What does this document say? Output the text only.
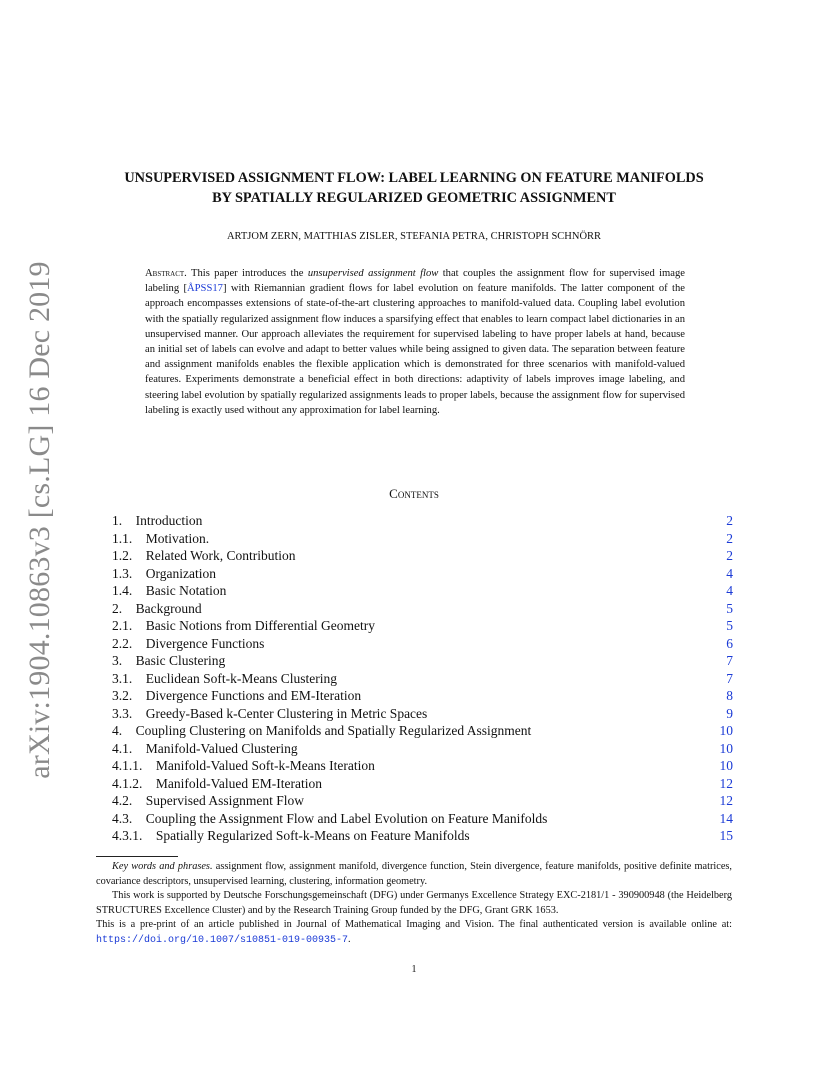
arXiv:1904.10863v3 [cs.LG] 16 Dec 2019
UNSUPERVISED ASSIGNMENT FLOW: LABEL LEARNING ON FEATURE MANIFOLDS
BY SPATIALLY REGULARIZED GEOMETRIC ASSIGNMENT
ARTJOM ZERN, MATTHIAS ZISLER, STEFANIA PETRA, CHRISTOPH SCHNÖRR
Abstract. This paper introduces the unsupervised assignment flow that couples the assignment flow for supervised image labeling [ÅPSS17] with Riemannian gradient flows for label evolution on feature manifolds. The latter component of the approach encompasses extensions of state-of-the-art clustering approaches to manifold-valued data. Coupling label evolution with the spatially regularized assignment flow induces a sparsifying effect that enables to learn compact label dictionaries in an unsupervised manner. Our approach alleviates the requirement for supervised labeling to have proper labels at hand, because an initial set of labels can evolve and adapt to better values while being assigned to given data. The separation between feature and assignment manifolds enables the flexible application which is demonstrated for three scenarios with manifold-valued features. Experiments demonstrate a beneficial effect in both directions: adaptivity of labels improves image labeling, and steering label evolution by spatially regularized assignments leads to proper labels, because the assignment flow for supervised labeling is exactly used without any approximation for label learning.
Contents
1.   Introduction	2
1.1.   Motivation.	2
1.2.   Related Work, Contribution	2
1.3.   Organization	4
1.4.   Basic Notation	4
2.   Background	5
2.1.   Basic Notions from Differential Geometry	5
2.2.   Divergence Functions	6
3.   Basic Clustering	7
3.1.   Euclidean Soft-k-Means Clustering	7
3.2.   Divergence Functions and EM-Iteration	8
3.3.   Greedy-Based k-Center Clustering in Metric Spaces	9
4.   Coupling Clustering on Manifolds and Spatially Regularized Assignment	10
4.1.   Manifold-Valued Clustering	10
4.1.1.   Manifold-Valued Soft-k-Means Iteration	10
4.1.2.   Manifold-Valued EM-Iteration	12
4.2.   Supervised Assignment Flow	12
4.3.   Coupling the Assignment Flow and Label Evolution on Feature Manifolds	14
4.3.1.   Spatially Regularized Soft-k-Means on Feature Manifolds	15

Key words and phrases. assignment flow, assignment manifold, divergence function, Stein divergence, feature manifolds, positive definite matrices, covariance descriptors, unsupervised learning, clustering, information geometry.

This work is supported by Deutsche Forschungsgemeinschaft (DFG) under Germanys Excellence Strategy EXC-2181/1 - 390900948 (the Heidelberg STRUCTURES Excellence Cluster) and by the Research Training Group funded by the DFG, Grant GRK 1653.

This is a pre-print of an article published in Journal of Mathematical Imaging and Vision. The final authenticated version is available online at: https://doi.org/10.1007/s10851-019-00935-7.

1
